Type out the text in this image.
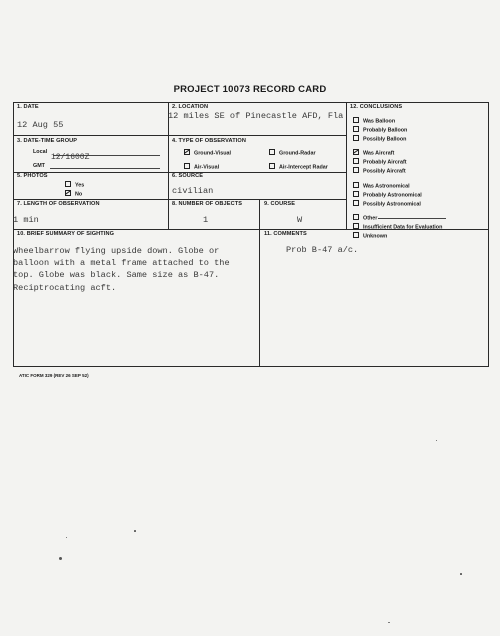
PROJECT 10073 RECORD CARD
1. DATE
12 Aug 55
2. LOCATION
12 miles SE of Pinecastle AFD, Fla
3. DATE-TIME GROUP
Local
12/1600Z
GMT
4. TYPE OF OBSERVATION
Ground-Visual	Ground-Radar
Air-Visual	Air-Intercept Radar
5. PHOTOS
Yes
No
6. SOURCE
civilian
7. LENGTH OF OBSERVATION
1 min
8. NUMBER OF OBJECTS
1
9. COURSE
W
10. BRIEF SUMMARY OF SIGHTING
Wheelbarrow flying upside down. Globe or
balloon with a metal frame attached to the
top. Globe was black. Same size as B-47.
Reciptrocating acft.
11. COMMENTS
Prob B-47 a/c.
12. CONCLUSIONS
Was Balloon
Probably Balloon
Possibly Balloon
Was Aircraft
Probably Aircraft
Possibly Aircraft
Was Astronomical
Probably Astronomical
Possibly Astronomical
Other
Insufficient Data for Evaluation
Unknown
ATIC FORM 329 (REV 26 SEP 52)
